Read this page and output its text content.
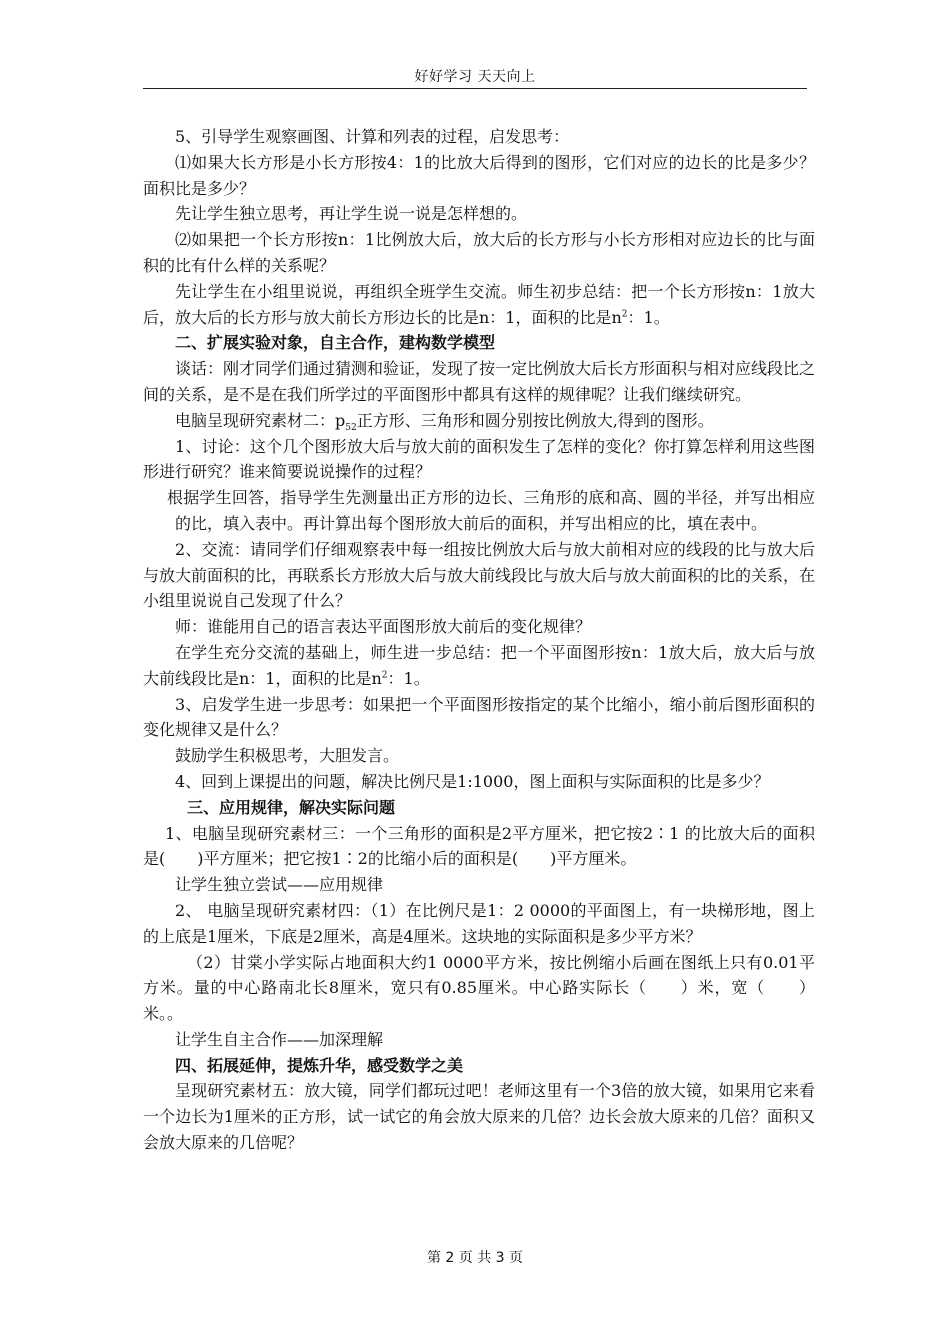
好好学习 天天向上

5、引导学生观察画图、计算和列表的过程，启发思考：

⑴如果大长方形是小长方形按4：1的比放大后得到的图形，它们对应的边长的比是多少？面积比是多少？

先让学生独立思考，再让学生说一说是怎样想的。

⑵如果把一个长方形按n：1比例放大后，放大后的长方形与小长方形相对应边长的比与面积的比有什么样的关系呢？

先让学生在小组里说说，再组织全班学生交流。师生初步总结：把一个长方形按n：1放大后，放大后的长方形与放大前长方形边长的比是n：1，面积的比是$n^2$：1。

二、扩展实验对象，自主合作，建构数学模型

谈话：刚才同学们通过猜测和验证，发现了按一定比例放大后长方形面积与相对应线段比之间的关系，是不是在我们所学过的平面图形中都具有这样的规律呢？让我们继续研究。

电脑呈现研究素材二：$p_{52}$正方形、三角形和圆分别按比例放大,得到的图形。

1、讨论：这个几个图形放大后与放大前的面积发生了怎样的变化？你打算怎样利用这些图形进行研究？谁来简要说说操作的过程？

根据学生回答，指导学生先测量出正方形的边长、三角形的底和高、圆的半径，并写出相应的比，填入表中。再计算出每个图形放大前后的面积，并写出相应的比，填在表中。

2、交流：请同学们仔细观察表中每一组按比例放大后与放大前相对应的线段的比与放大后与放大前面积的比，再联系长方形放大后与放大前线段比与放大后与放大前面积的比的关系，在小组里说说自己发现了什么？

师：谁能用自己的语言表达平面图形放大前后的变化规律？

在学生充分交流的基础上，师生进一步总结：把一个平面图形按n：1放大后，放大后与放大前线段比是n：1，面积的比是$n^2$：1。

3、启发学生进一步思考：如果把一个平面图形按指定的某个比缩小，缩小前后图形面积的变化规律又是什么？

鼓励学生积极思考，大胆发言。

4、回到上课提出的问题，解决比例尺是1:1000，图上面积与实际面积的比是多少？

三、应用规律，解决实际问题

1、电脑呈现研究素材三：一个三角形的面积是2平方厘米，把它按2∶1 的比放大后的面积是(　　)平方厘米；把它按1∶2的比缩小后的面积是(　　)平方厘米。

让学生独立尝试——应用规律

2、 电脑呈现研究素材四：（1）在比例尺是1：2 0000的平面图上，有一块梯形地，图上的上底是1厘米，下底是2厘米，高是4厘米。这块地的实际面积是多少平方米？

（2）甘棠小学实际占地面积大约1 0000平方米，按比例缩小后画在图纸上只有0.01平方米。量的中心路南北长8厘米，宽只有0.85厘米。中心路实际长（　　）米，宽（　　）米。。

让学生自主合作——加深理解

四、拓展延伸，提炼升华，感受数学之美

呈现研究素材五：放大镜，同学们都玩过吧！老师这里有一个3倍的放大镜，如果用它来看一个边长为1厘米的正方形，试一试它的角会放大原来的几倍？边长会放大原来的几倍？面积又会放大原来的几倍呢？

第 2 页 共 3 页
